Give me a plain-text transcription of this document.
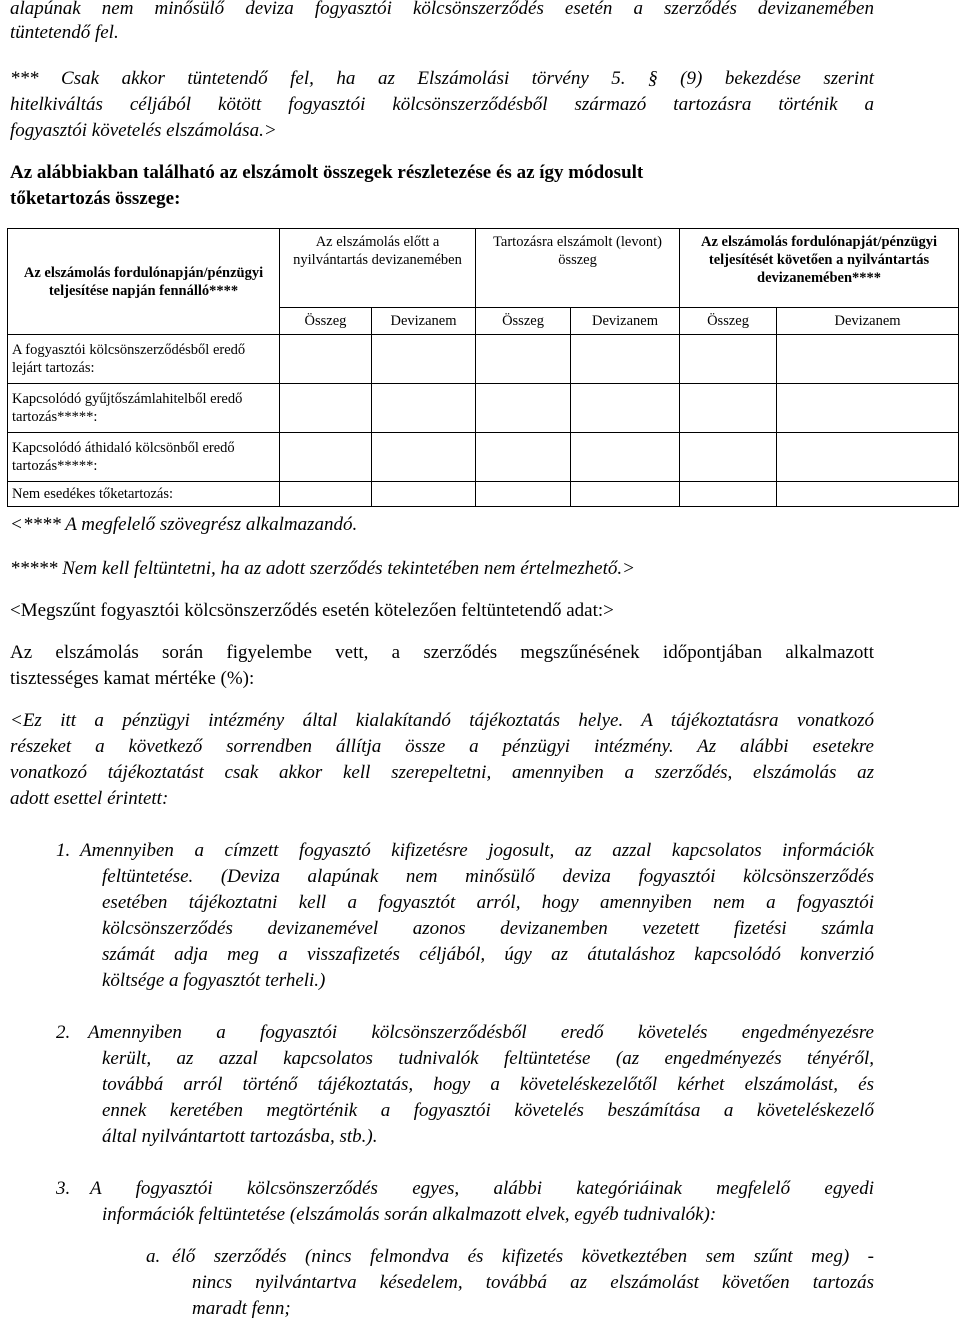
alapúnak nem minősülő deviza fogyasztói kölcsönszerződés esetén a szerződés devizanemében

tüntetendő fel.

*** Csak akkor tüntetendő fel, ha az Elszámolási törvény 5. § (9) bekezdése szerint

hitelkiváltás céljából kötött fogyasztói kölcsönszerződésből származó tartozásra történik a

fogyasztói követelés elszámolása.>

Az alábbiakban található az elszámolt összegek részletezése és az így módosult

tőketartozás összege:

Az elszámolás fordulónapján/pénzügyi teljesítése napján fennálló****	Az elszámolás előtt a nyilvántartás devizanemében		Tartozásra elszámolt (levont) összeg		Az elszámolás fordulónapját/pénzügyi teljesítését követően a nyilvántartás devizanemében****	
	Összeg	Devizanem	Összeg	Devizanem	Összeg	Devizanem
A fogyasztói kölcsönszerződésből eredő lejárt tartozás:						
Kapcsolódó gyűjtőszámlahitelből eredő tartozás*****:						
Kapcsolódó áthidaló kölcsönből eredő tartozás*****:						
Nem esedékes tőketartozás:						

<**** A megfelelő szövegrész alkalmazandó.

***** Nem kell feltüntetni, ha az adott szerződés tekintetében nem értelmezhető.>

<Megszűnt fogyasztói kölcsönszerződés esetén kötelezően feltüntetendő adat:>

Az elszámolás során figyelembe vett, a szerződés megszűnésének időpontjában alkalmazott

tisztességes kamat mértéke (%):

<Ez itt a pénzügyi intézmény által kialakítandó tájékoztatás helye. A tájékoztatásra vonatkozó

részeket a következő sorrendben állítja össze a pénzügyi intézmény. Az alábbi esetekre

vonatkozó tájékoztatást csak akkor kell szerepeltetni, amennyiben a szerződés, elszámolás az

adott esettel érintett:

1. Amennyiben a címzett fogyasztó kifizetésre jogosult, az azzal kapcsolatos információk

feltüntetése. (Deviza alapúnak nem minősülő deviza fogyasztói kölcsönszerződés

esetében tájékoztatni kell a fogyasztót arról, hogy amennyiben nem a fogyasztói

kölcsönszerződés devizanemével azonos devizanemben vezetett fizetési számla

számát adja meg a visszafizetés céljából, úgy az átutaláshoz kapcsolódó konverzió

költsége a fogyasztót terheli.)

2. Amennyiben a fogyasztói kölcsönszerződésből eredő követelés engedményezésre

került, az azzal kapcsolatos tudnivalók feltüntetése (az engedményezés tényéről,

továbbá arról történő tájékoztatás, hogy a követeléskezelőtől kérhet elszámolást, és

ennek keretében megtörténik a fogyasztói követelés beszámítása a követeléskezelő

által nyilvántartott tartozásba, stb.).

3. A fogyasztói kölcsönszerződés egyes, alábbi kategóriáinak megfelelő egyedi

információk feltüntetése (elszámolás során alkalmazott elvek, egyéb tudnivalók):

a. élő szerződés (nincs felmondva és kifizetés következtében sem szűnt meg) -

nincs nyilvántartva késedelem, továbbá az elszámolást követően tartozás

maradt fenn;
